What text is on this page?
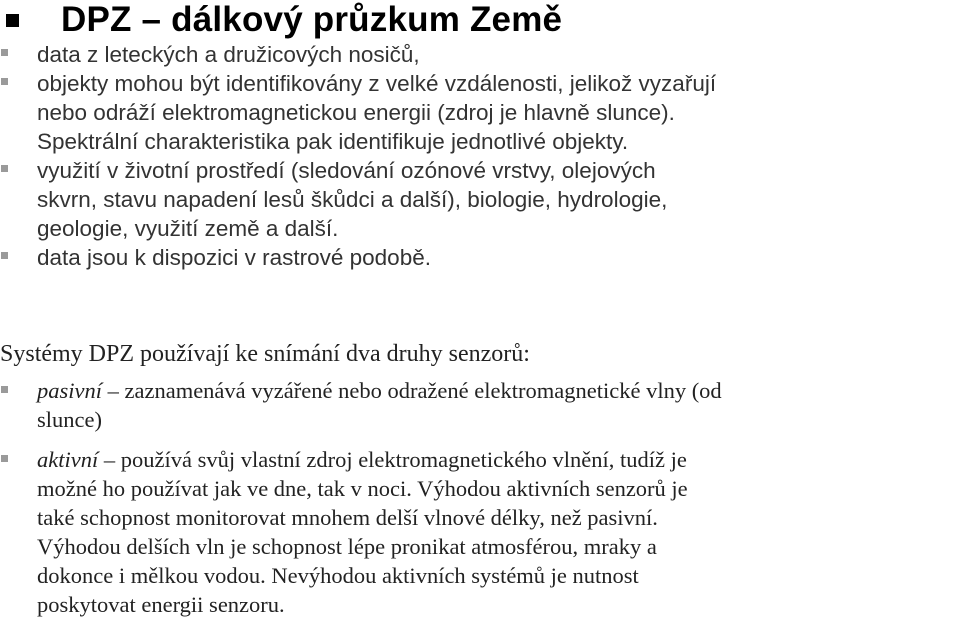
DPZ – dálkový průzkum Země
data z leteckých a družicových nosičů,
objekty mohou být identifikovány z velké vzdálenosti, jelikož vyzařují
nebo odráží elektromagnetickou energii (zdroj je hlavně slunce).
Spektrální charakteristika pak identifikuje jednotlivé objekty.
využití v životní prostředí (sledování ozónové vrstvy, olejových
skvrn, stavu napadení lesů škůdci a další), biologie, hydrologie,
geologie, využití země a další.
data jsou k dispozici v rastrové podobě.
Systémy DPZ používají ke snímání dva druhy senzorů:
pasivní – zaznamenává vyzářené nebo odražené elektromagnetické vlny (od
slunce)
aktivní – používá svůj vlastní zdroj elektromagnetického vlnění, tudíž je
možné ho používat jak ve dne, tak v noci. Výhodou aktivních senzorů je
také schopnost monitorovat mnohem delší vlnové délky, než pasivní.
Výhodou delších vln je schopnost lépe pronikat atmosférou, mraky a
dokonce i mělkou vodou. Nevýhodou aktivních systémů je nutnost
poskytovat energii senzoru.
